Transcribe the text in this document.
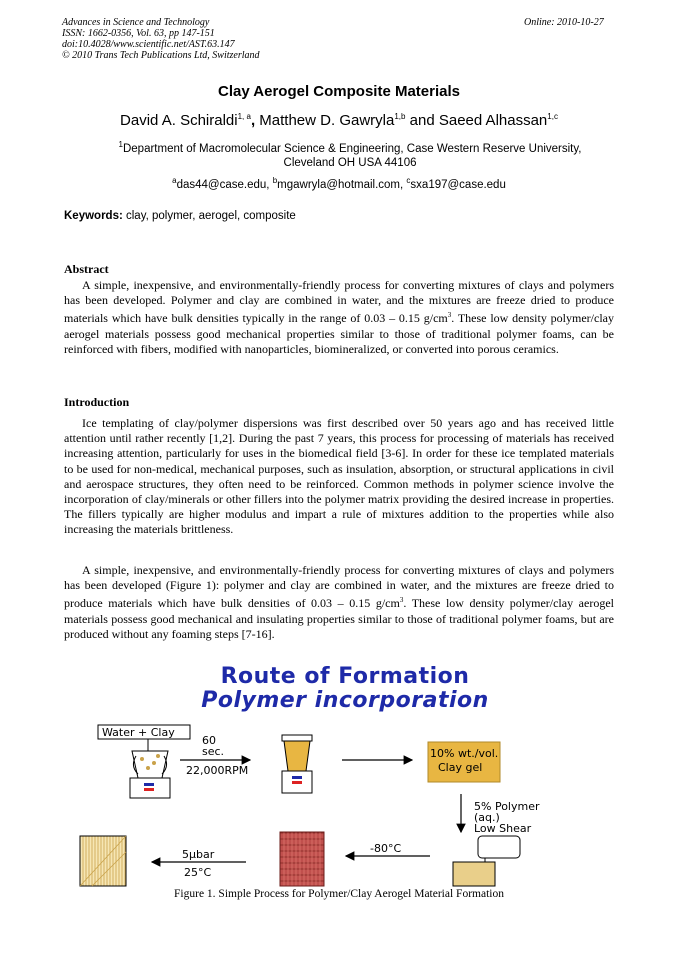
Advances in Science and Technology
ISSN: 1662-0356, Vol. 63, pp 147-151
doi:10.4028/www.scientific.net/AST.63.147
© 2010 Trans Tech Publications Ltd, Switzerland
Online: 2010-10-27
Clay Aerogel Composite Materials
David A. Schiraldi$^{1, a}$, Matthew D. Gawryla$^{1,b}$ and Saeed Alhassan$^{1,c}$
$^1$Department of Macromolecular Science & Engineering, Case Western Reserve University,
Cleveland OH USA 44106
$^a$das44@case.edu, $^b$mgawryla@hotmail.com, $^c$sxa197@case.edu
Keywords: clay, polymer, aerogel, composite
Abstract
A simple, inexpensive, and environmentally-friendly process for converting mixtures of clays and polymers has been developed. Polymer and clay are combined in water, and the mixtures are freeze dried to produce materials which have bulk densities typically in the range of 0.03 – 0.15 $g/cm^3$. These low density polymer/clay aerogel materials possess good mechanical properties similar to those of traditional polymer foams, can be reinforced with fibers, modified with nanoparticles, biomineralized, or converted into porous ceramics.
Introduction
Ice templating of clay/polymer dispersions was first described over 50 years ago and has received little attention until rather recently [1,2]. During the past 7 years, this process for processing of materials has received increasing attention, particularly for uses in the biomedical field [3-6]. In order for these ice templated materials to be used for non-medical, mechanical purposes, such as insulation, absorption, or structural applications in civil and aerospace structures, they often need to be reinforced. Common methods in polymer science involve the incorporation of clay/minerals or other fillers into the polymer matrix providing the desired increase in properties. The fillers typically are higher modulus and impart a rule of mixtures addition to the properties while also increasing the materials brittleness.
A simple, inexpensive, and environmentally-friendly process for converting mixtures of clays and polymers has been developed (Figure 1): polymer and clay are combined in water, and the mixtures are freeze dried to produce materials which have bulk densities of 0.03 – 0.15 $g/cm^3$. These low density polymer/clay aerogel materials possess good mechanical and insulating properties similar to those of traditional polymer foams, but are produced without any foaming steps [7-16].
Route of Formation
Polymer incorporation
Water + Clay
60
sec.
22,000RPM
10% wt./vol.
Clay gel
5% Polymer
(aq.)
Low Shear
-80°C
5μbar
25°C
Figure 1. Simple Process for Polymer/Clay Aerogel Material Formation
